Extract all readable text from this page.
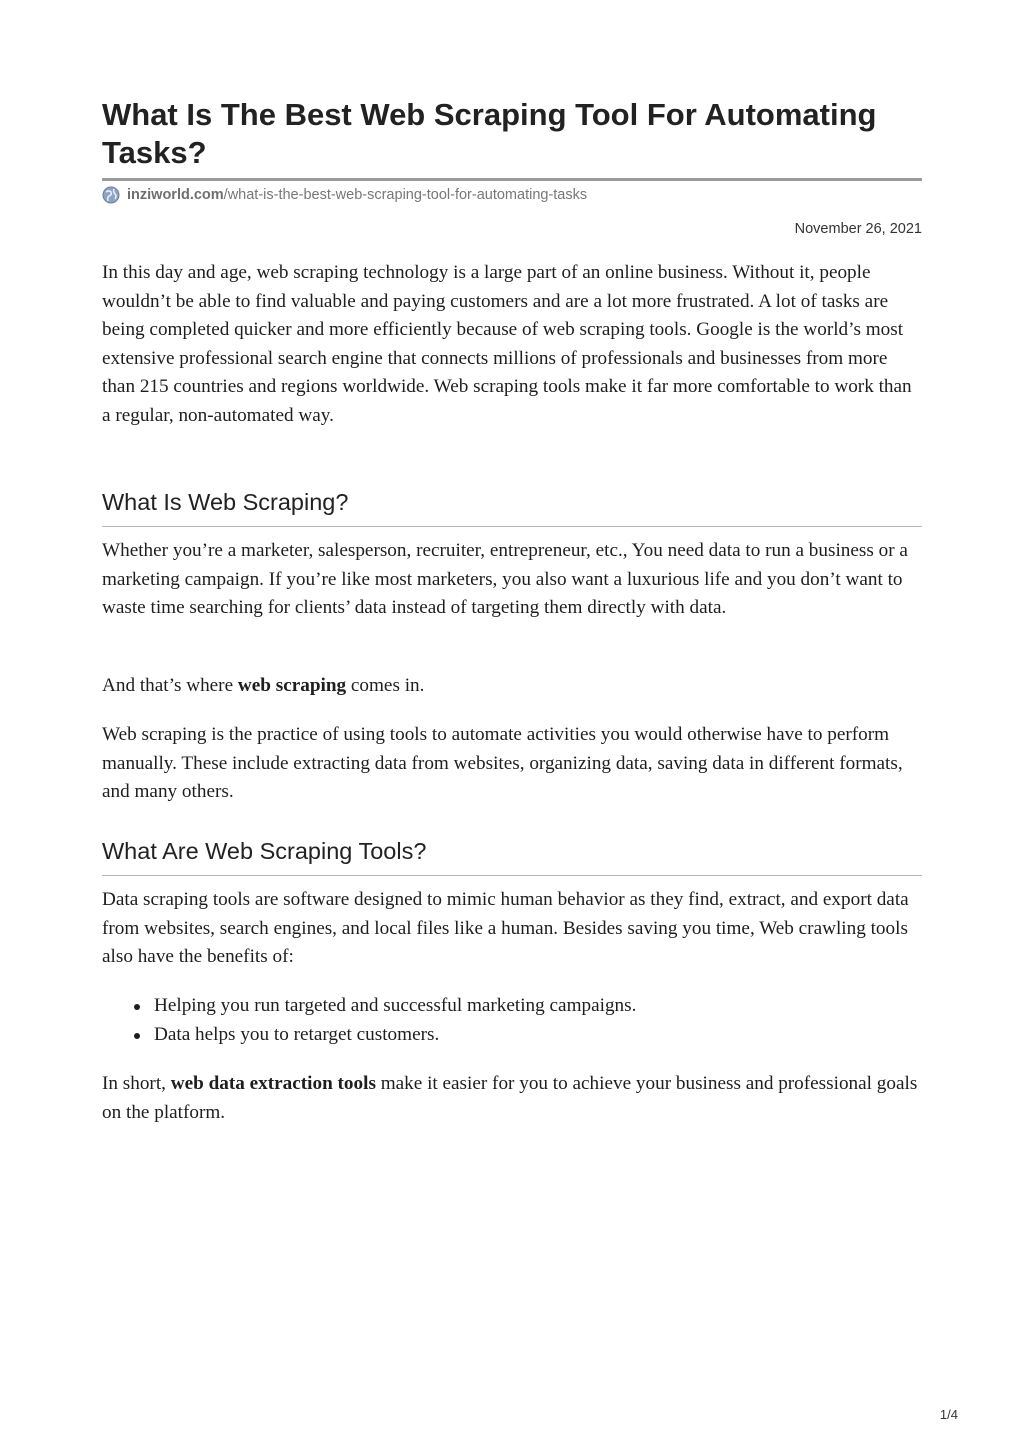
What Is The Best Web Scraping Tool For Automating Tasks?
inziworld.com /what-is-the-best-web-scraping-tool-for-automating-tasks
November 26, 2021

In this day and age, web scraping technology is a large part of an online business. Without it, people wouldn’t be able to find valuable and paying customers and are a lot more frustrated. A lot of tasks are being completed quicker and more efficiently because of web scraping tools. Google is the world’s most extensive professional search engine that connects millions of professionals and businesses from more than 215 countries and regions worldwide. Web scraping tools make it far more comfortable to work than a regular, non-automated way.

What Is Web Scraping?

Whether you’re a marketer, salesperson, recruiter, entrepreneur, etc., You need data to run a business or a marketing campaign. If you’re like most marketers, you also want a luxurious life and you don’t want to waste time searching for clients’ data instead of targeting them directly with data.

And that’s where web scraping comes in.

Web scraping is the practice of using tools to automate activities you would otherwise have to perform manually. These include extracting data from websites, organizing data, saving data in different formats, and many others.

What Are Web Scraping Tools?

Data scraping tools are software designed to mimic human behavior as they find, extract, and export data from websites, search engines, and local files like a human. Besides saving you time, Web crawling tools also have the benefits of:

Helping you run targeted and successful marketing campaigns.
Data helps you to retarget customers.

In short, web data extraction tools make it easier for you to achieve your business and professional goals on the platform.

1/4
